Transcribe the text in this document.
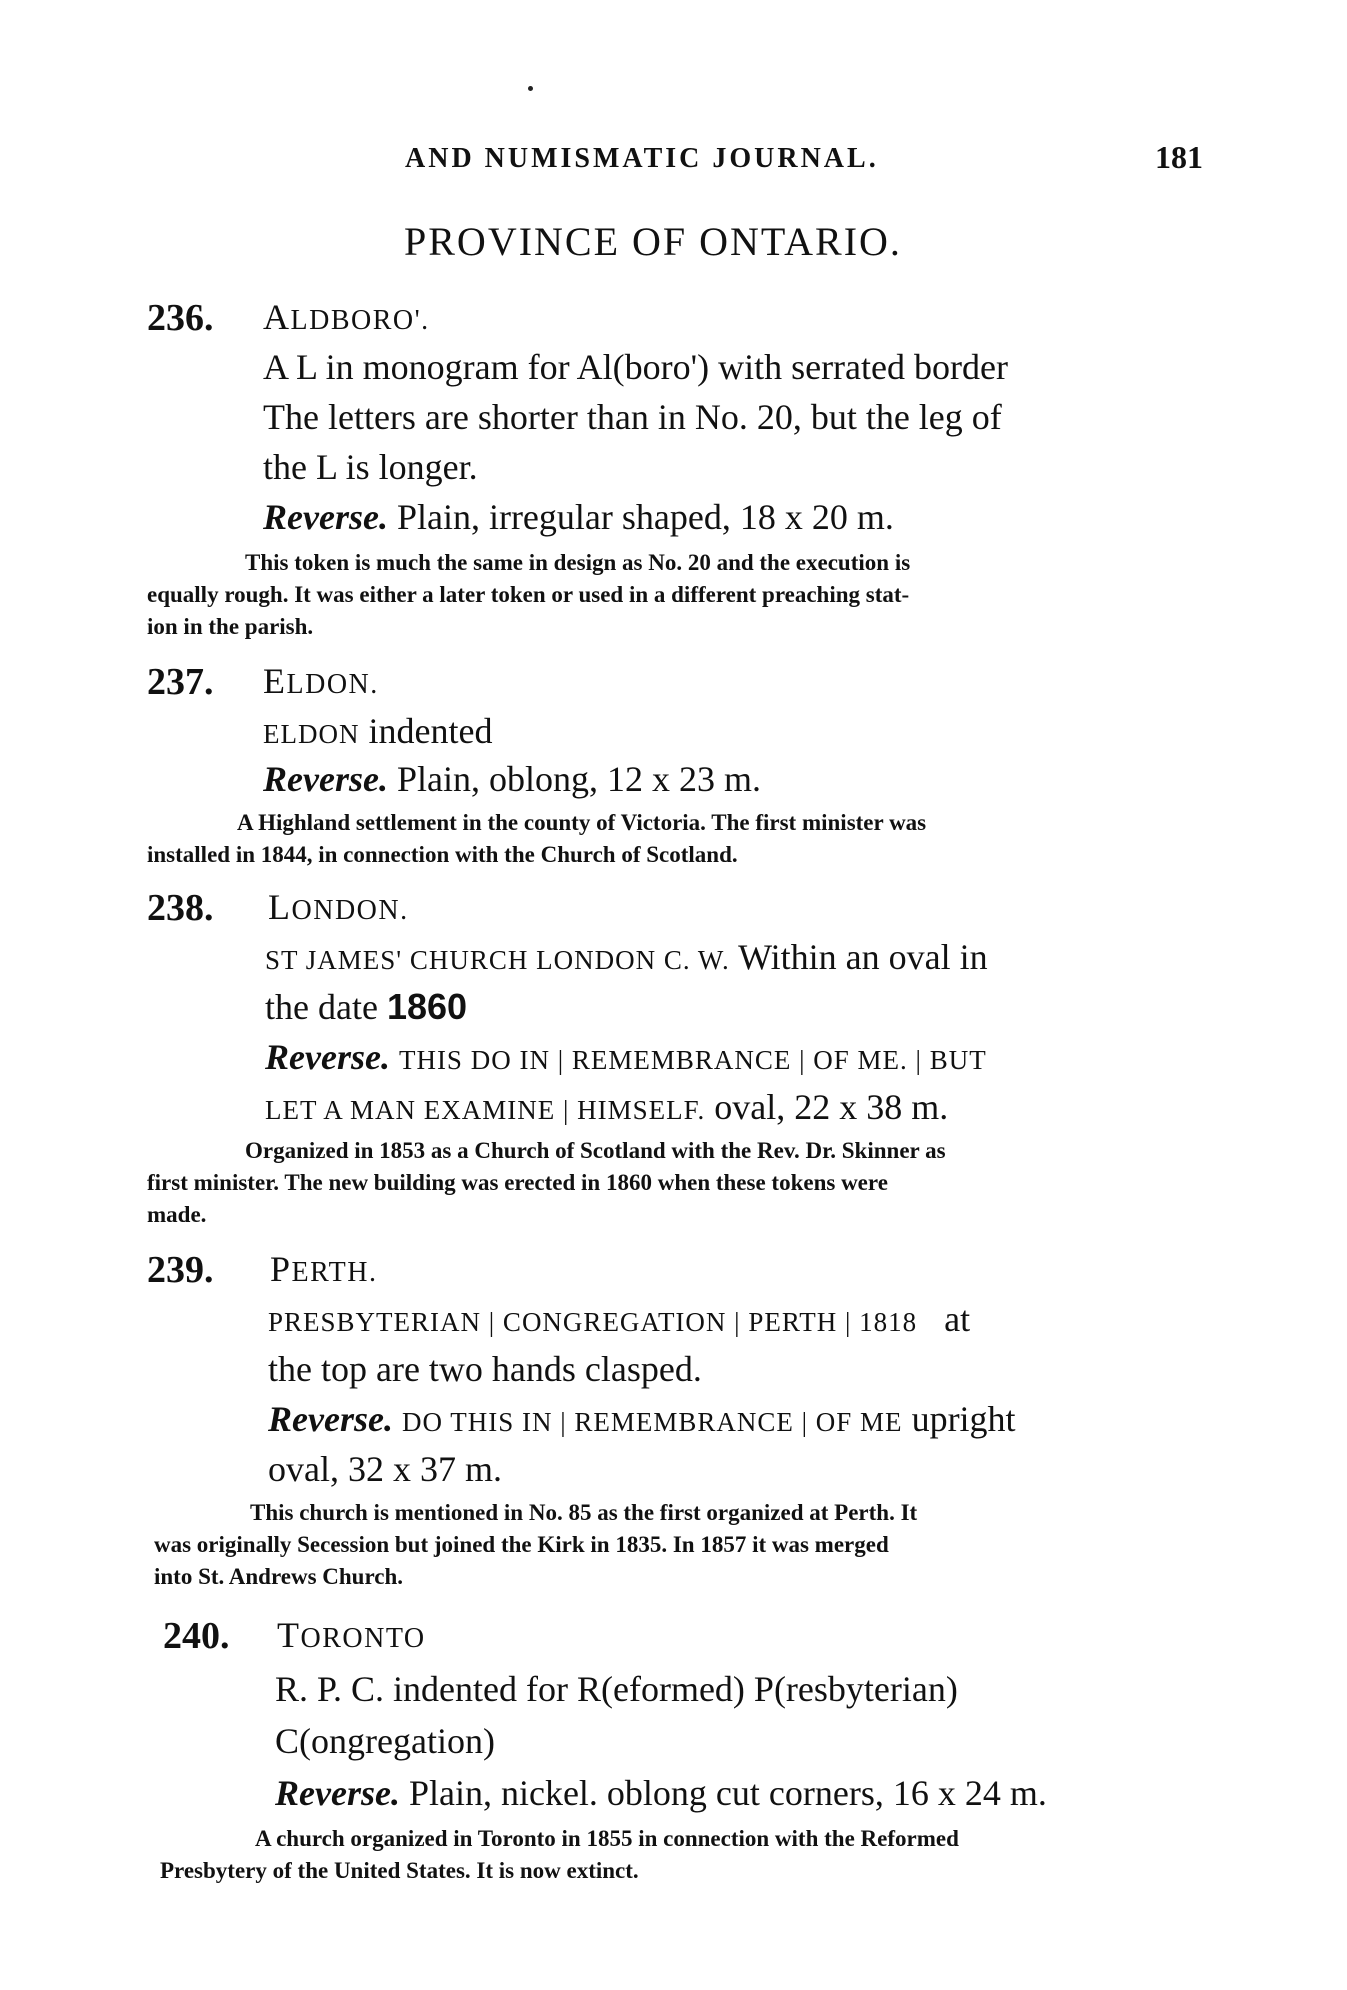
AND NUMISMATIC JOURNAL.	181
PROVINCE OF ONTARIO.
236. ALDBORO'.
A L in monogram for Al(boro') with serrated border
The letters are shorter than in No. 20, but the leg of
the L is longer.
Reverse. Plain, irregular shaped, 18 x 20 m.
This token is much the same in design as No. 20 and the execution is
equally rough. It was either a later token or used in a different preaching stat-
ion in the parish.
237. ELDON.
ELDON indented
Reverse. Plain, oblong, 12 x 23 m.
A Highland settlement in the county of Victoria. The first minister was
installed in 1844, in connection with the Church of Scotland.
238. LONDON.
ST JAMES' CHURCH LONDON C. W. Within an oval in
the date 1860
Reverse. THIS DO IN | REMEMBRANCE | OF ME. | BUT
LET A MAN EXAMINE | HIMSELF. oval, 22 x 38 m.
Organized in 1853 as a Church of Scotland with the Rev. Dr. Skinner as
first minister. The new building was erected in 1860 when these tokens were
made.
239. PERTH.
PRESBYTERIAN | CONGREGATION | PERTH | 1818 at
the top are two hands clasped.
Reverse. DO THIS IN | REMEMBRANCE | OF ME upright
oval, 32 x 37 m.
This church is mentioned in No. 85 as the first organized at Perth. It
was originally Secession but joined the Kirk in 1835. In 1857 it was merged
into St. Andrews Church.
240. TORONTO
R. P. C. indented for R(eformed) P(resbyterian)
C(ongregation)
Reverse. Plain, nickel. oblong cut corners, 16 x 24 m.
A church organized in Toronto in 1855 in connection with the Reformed
Presbytery of the United States. It is now extinct.
